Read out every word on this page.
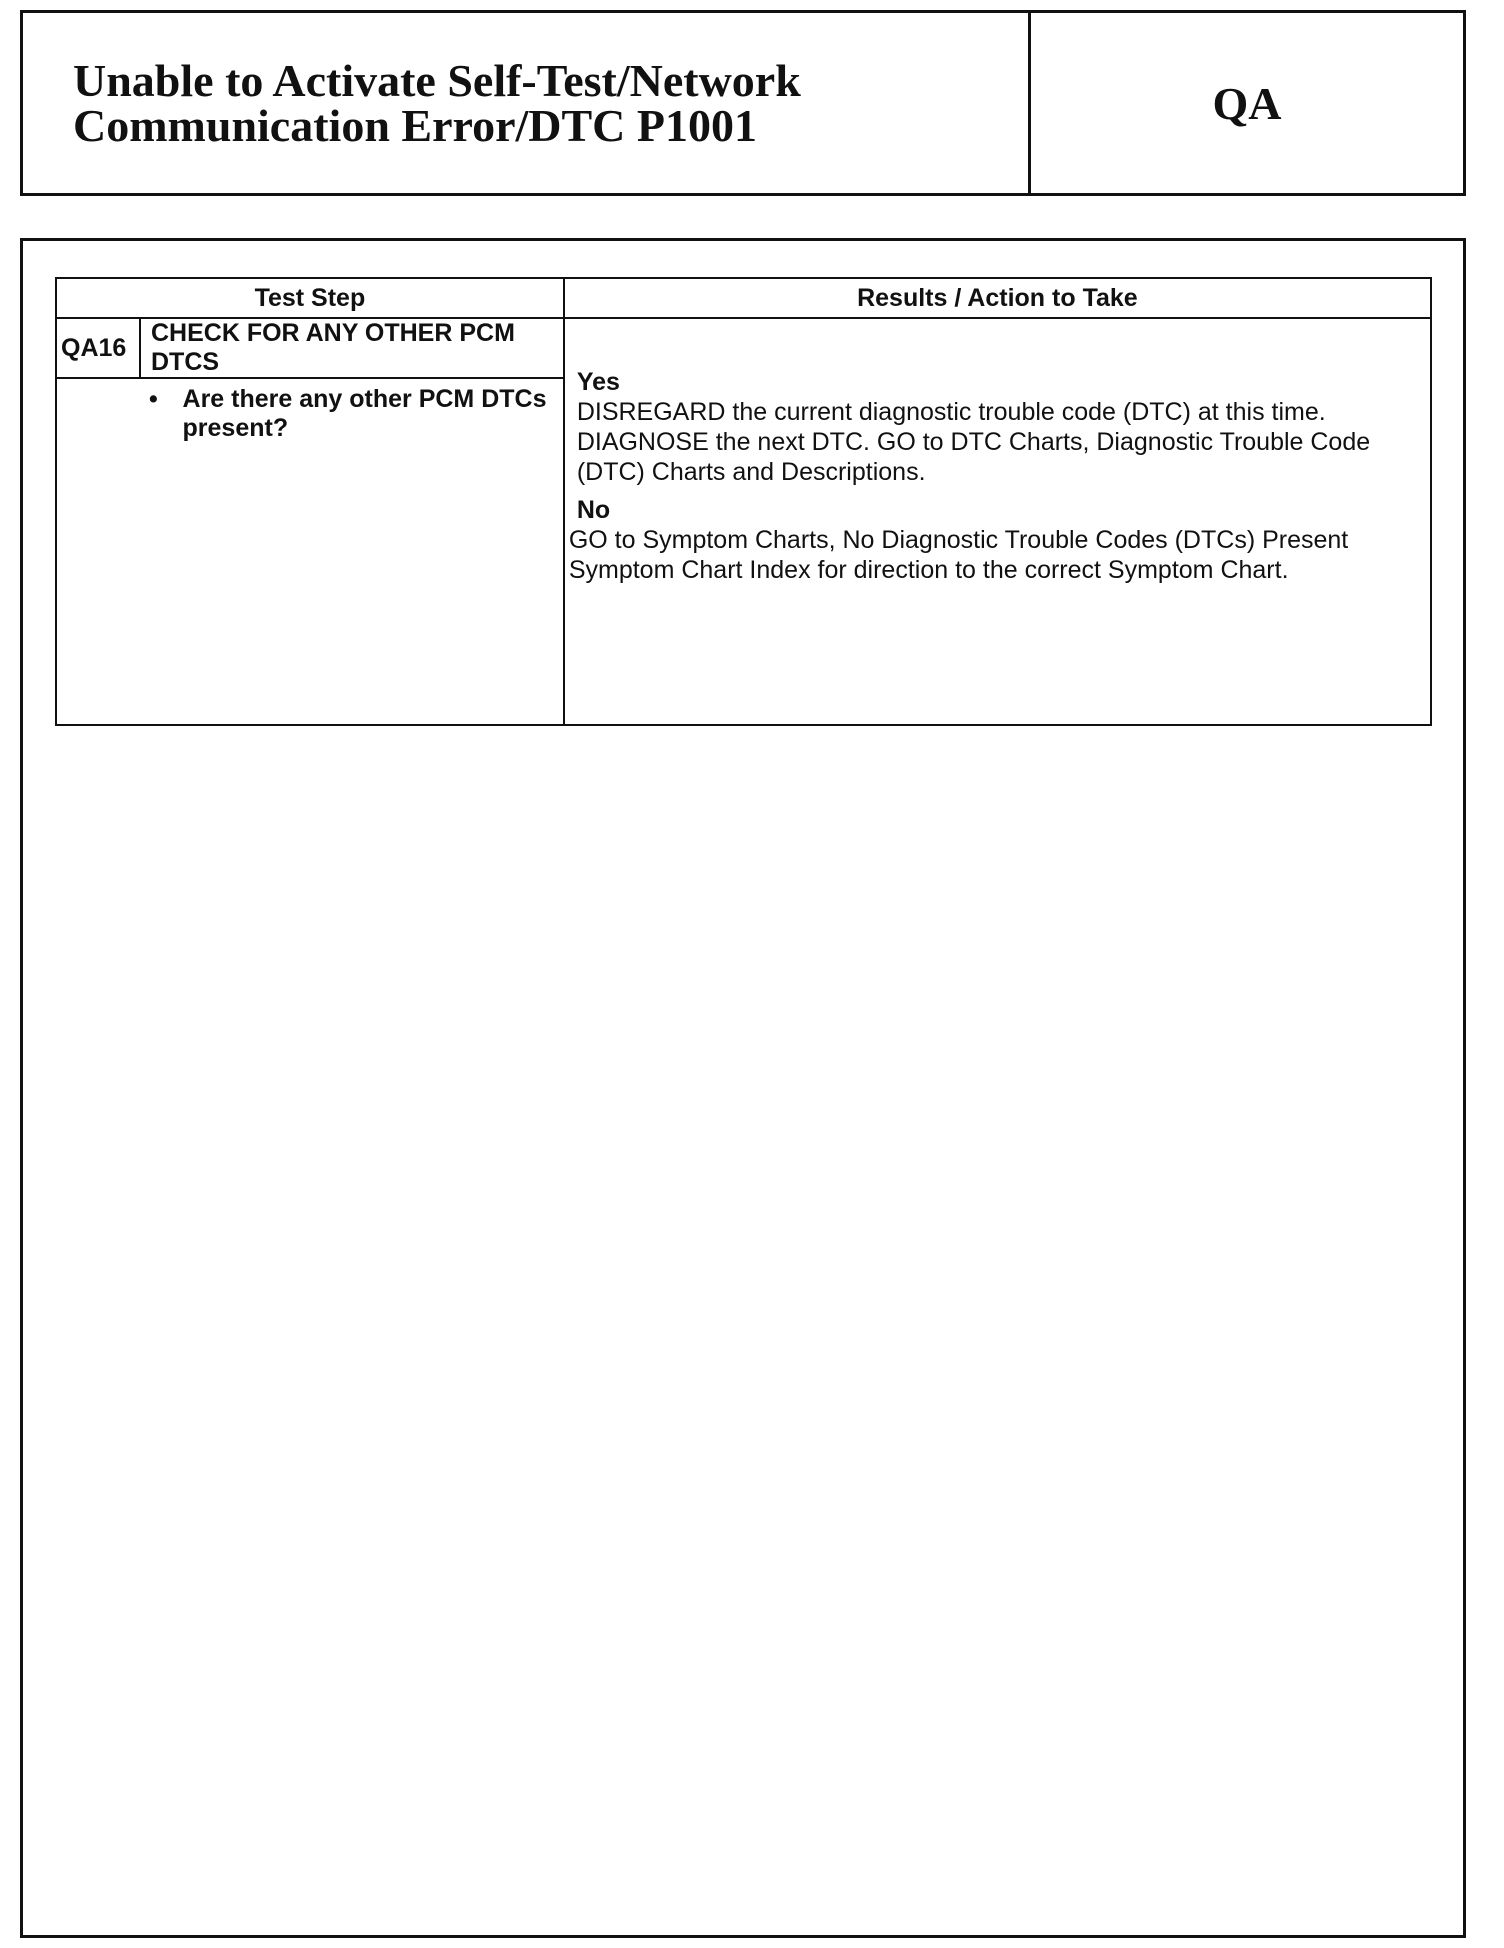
Unable to Activate Self-Test/Network
Communication Error/DTC P1001	QA
Test Step		Results / Action to Take
QA16	CHECK FOR ANY OTHER PCM DTCS	Yes
DISREGARD the current diagnostic trouble code (DTC) at this time. DIAGNOSE the next DTC. GO to DTC Charts, Diagnostic Trouble Code (DTC) Charts and Descriptions.
No
GO to Symptom Charts, No Diagnostic Trouble Codes (DTCs) Present Symptom Chart Index for direction to the correct Symptom Chart.

• Are there any other PCM DTCs present?		
